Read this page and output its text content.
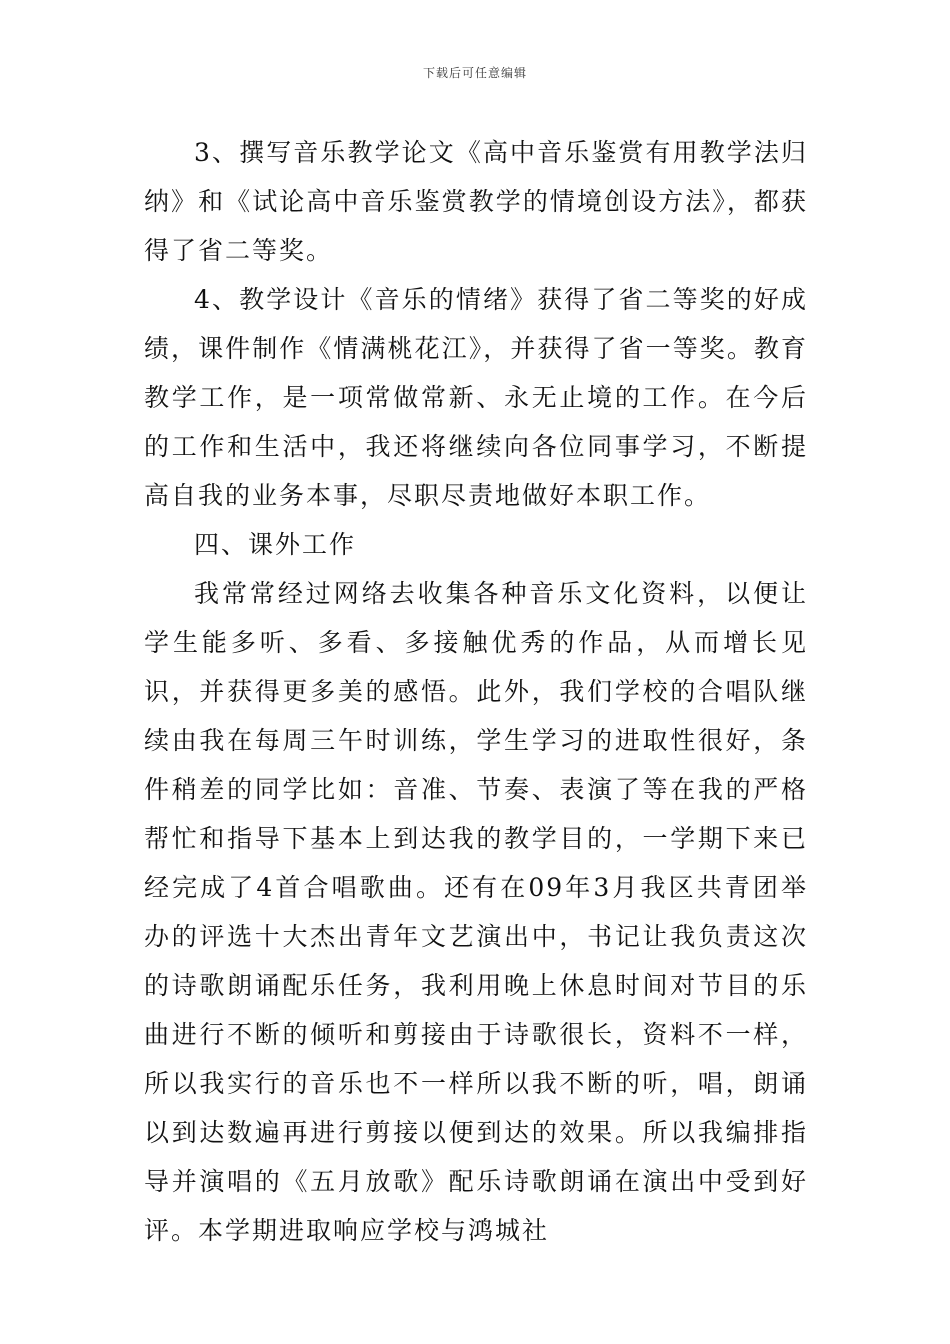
下载后可任意编辑

3、撰写音乐教学论文《高中音乐鉴赏有用教学法归纳》和《试论高中音乐鉴赏教学的情境创设方法》，都获得了省二等奖。

4、教学设计《音乐的情绪》获得了省二等奖的好成绩，课件制作《情满桃花江》，并获得了省一等奖。教育教学工作，是一项常做常新、永无止境的工作。在今后的工作和生活中，我还将继续向各位同事学习，不断提高自我的业务本事，尽职尽责地做好本职工作。

四、课外工作

我常常经过网络去收集各种音乐文化资料，以便让学生能多听、多看、多接触优秀的作品，从而增长见识，并获得更多美的感悟。此外，我们学校的合唱队继续由我在每周三午时训练，学生学习的进取性很好，条件稍差的同学比如：音准、节奏、表演了等在我的严格帮忙和指导下基本上到达我的教学目的，一学期下来已经完成了4首合唱歌曲。还有在09年3月我区共青团举办的评选十大杰出青年文艺演出中，书记让我负责这次的诗歌朗诵配乐任务，我利用晚上休息时间对节目的乐曲进行不断的倾听和剪接由于诗歌很长，资料不一样，所以我实行的音乐也不一样所以我不断的听，唱，朗诵以到达数遍再进行剪接以便到达的效果。所以我编排指导并演唱的《五月放歌》配乐诗歌朗诵在演出中受到好评。本学期进取响应学校与鸿城社
